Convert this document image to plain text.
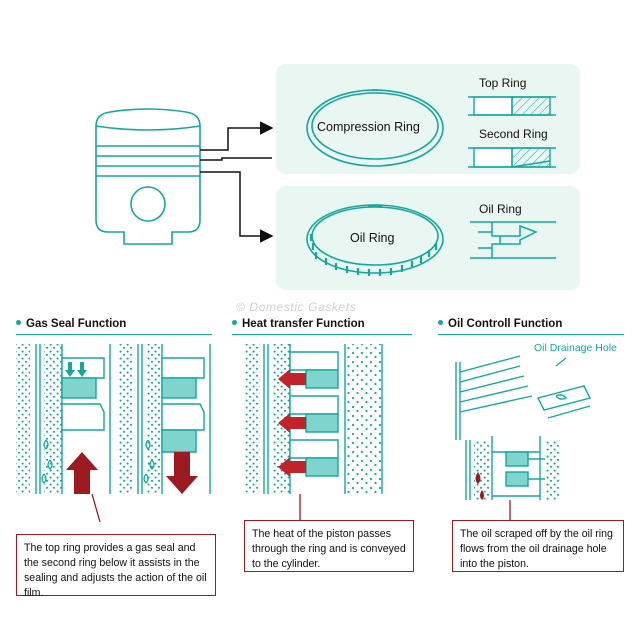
Compression Ring
Oil Ring
Top Ring
Second Ring
Oil Ring
© Domestic Gaskets
Gas Seal Function	Heat transfer Function	Oil Controll Function
Oil Drainage Hole
The top ring provides a gas seal and the second ring below it assists in the sealing and adjusts the action of the oil film.
The heat of the piston passes through the ring and is conveyed to the cylinder.
The oil scraped off by the oil ring flows from the oil drainage hole into the piston.
